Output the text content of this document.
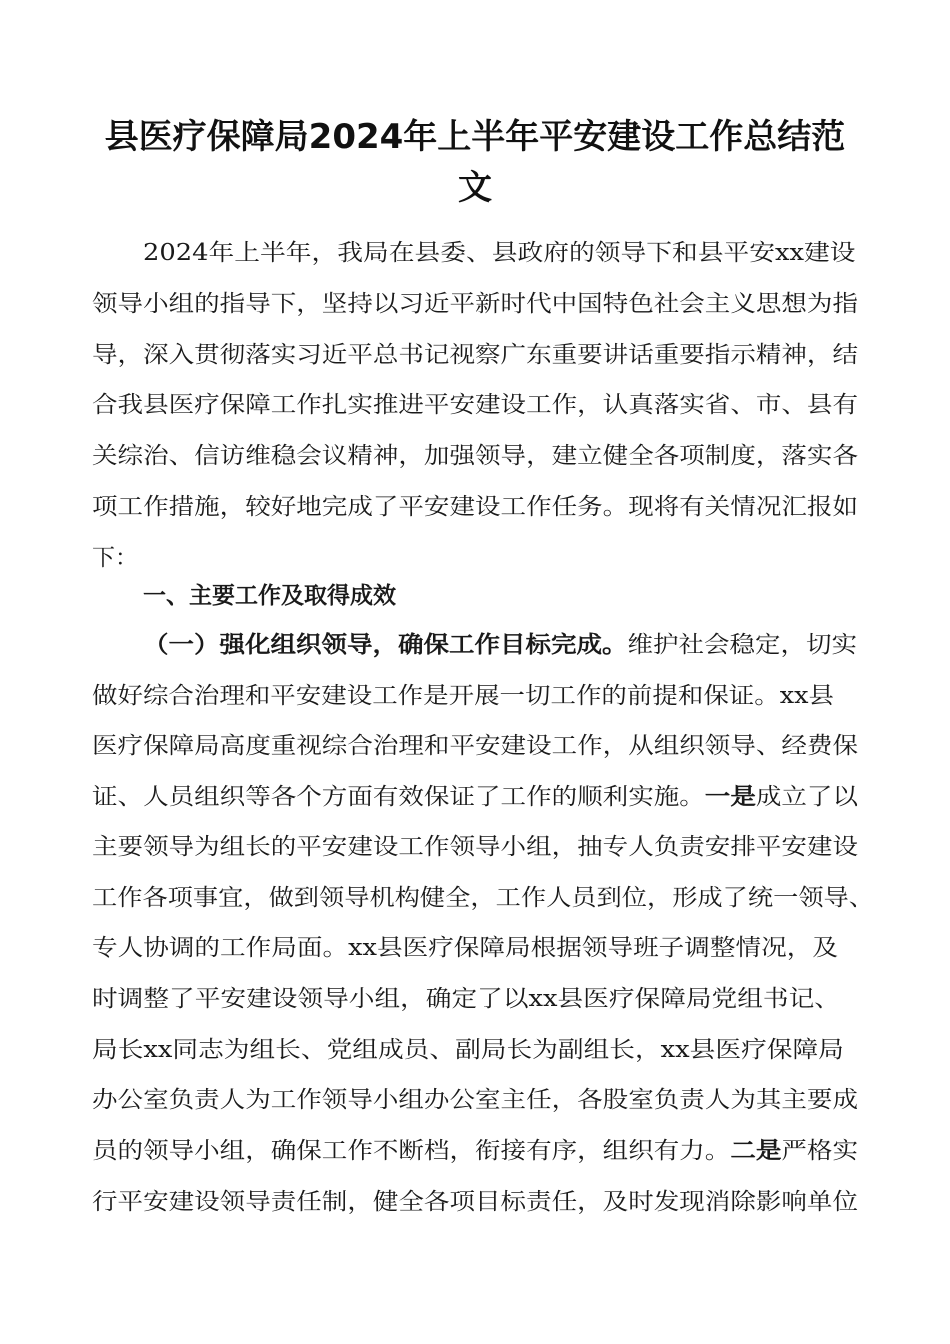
县医疗保障局2024年上半年平安建设工作总结范
文

2024年上半年，我局在县委、县政府的领导下和县平安xx建设

领导小组的指导下，坚持以习近平新时代中国特色社会主义思想为指

导，深入贯彻落实习近平总书记视察广东重要讲话重要指示精神，结

合我县医疗保障工作扎实推进平安建设工作，认真落实省、市、县有

关综治、信访维稳会议精神，加强领导，建立健全各项制度，落实各

项工作措施，较好地完成了平安建设工作任务。现将有关情况汇报如

下：

一、主要工作及取得成效

（一）强化组织领导，确保工作目标完成。维护社会稳定，切实

做好综合治理和平安建设工作是开展一切工作的前提和保证。xx县

医疗保障局高度重视综合治理和平安建设工作，从组织领导、经费保

证、人员组织等各个方面有效保证了工作的顺利实施。一是成立了以

主要领导为组长的平安建设工作领导小组，抽专人负责安排平安建设

工作各项事宜，做到领导机构健全，工作人员到位，形成了统一领导、

专人协调的工作局面。xx县医疗保障局根据领导班子调整情况，及

时调整了平安建设领导小组，确定了以xx县医疗保障局党组书记、

局长xx同志为组长、党组成员、副局长为副组长，xx县医疗保障局

办公室负责人为工作领导小组办公室主任，各股室负责人为其主要成

员的领导小组，确保工作不断档，衔接有序，组织有力。二是严格实

行平安建设领导责任制，健全各项目标责任，及时发现消除影响单位
